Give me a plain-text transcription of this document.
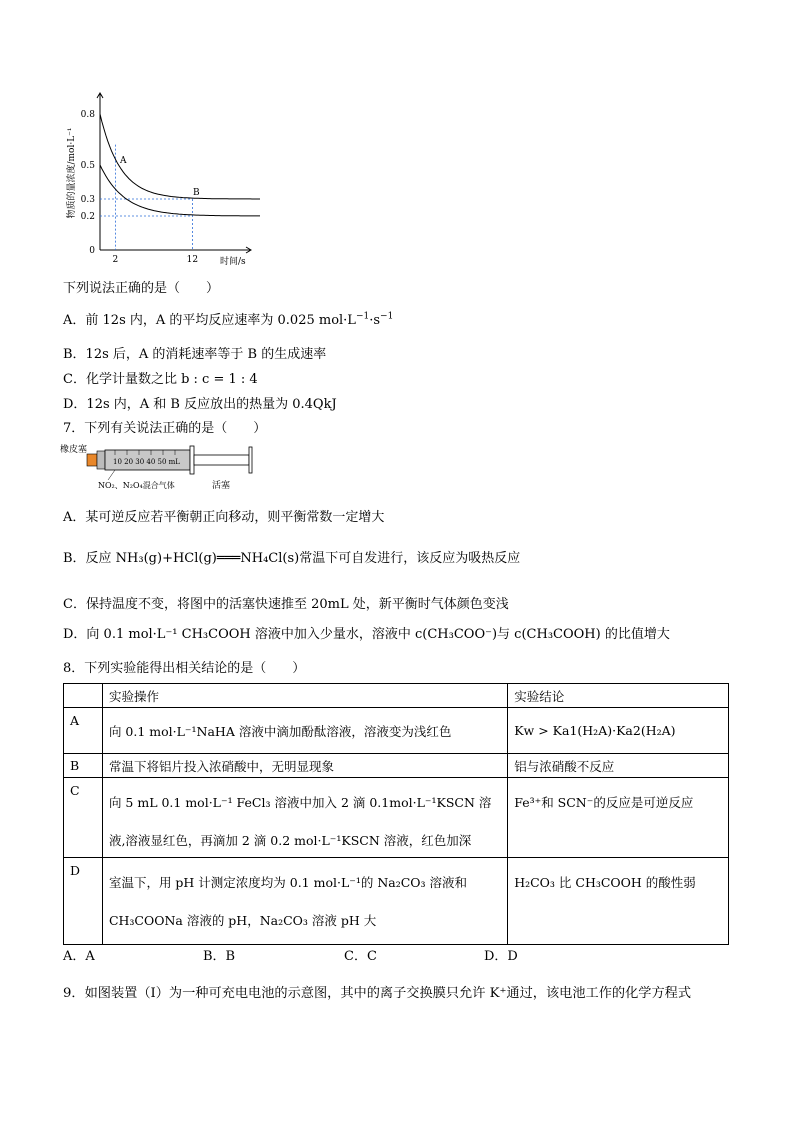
0.8
0.5
0.3
0.2
0
2	12 时间/s
A
B
物质的量浓度/mol·L⁻¹
下列说法正确的是（　　）
A．前 12s 内，A 的平均反应速率为 0.025 $mol\cdot L^{-1}\cdot s^{-1}$
B．12s 后，A 的消耗速率等于 B 的生成速率
C．化学计量数之比 b : c = 1 : 4
D．12s 内，A 和 B 反应放出的热量为 0.4QkJ
7．下列有关说法正确的是（　　）
橡皮塞
10 20 30 40 50 mL
NO₂、N₂O₄混合气体	活塞
A．某可逆反应若平衡朝正向移动，则平衡常数一定增大
B．反应 NH₃(g)+HCl(g)═══NH₄Cl(s)常温下可自发进行，该反应为吸热反应
C．保持温度不变，将图中的活塞快速推至 20mL 处，新平衡时气体颜色变浅
D．向 0.1 mol·L⁻¹ CH₃COOH 溶液中加入少量水，溶液中 c(CH₃COO⁻)与 c(CH₃COOH) 的比值增大
8．下列实验能得出相关结论的是（　　）
	实验操作	实验结论
A	向 0.1 mol·L⁻¹NaHA 溶液中滴加酚酞溶液，溶液变为浅红色	Kw > Ka1(H₂A)·Ka2(H₂A)
B	常温下将铝片投入浓硝酸中，无明显现象	铝与浓硝酸不反应
C	向 5 mL 0.1 mol·L⁻¹ FeCl₃ 溶液中加入 2 滴 0.1mol·L⁻¹KSCN 溶
液,溶液显红色，再滴加 2 滴 0.2 mol·L⁻¹KSCN 溶液，红色加深	Fe³⁺和 SCN⁻的反应是可逆反应

D	室温下，用 pH 计测定浓度均为 0.1 mol·L⁻¹的 Na₂CO₃ 溶液和
CH₃COONa 溶液的 pH，Na₂CO₃ 溶液 pH 大	H₂CO₃ 比 CH₃COOH 的酸性弱
A．A	B．B	C．C	D．D
9．如图装置（I）为一种可充电电池的示意图，其中的离子交换膜只允许 K⁺通过，该电池工作的化学方程式
